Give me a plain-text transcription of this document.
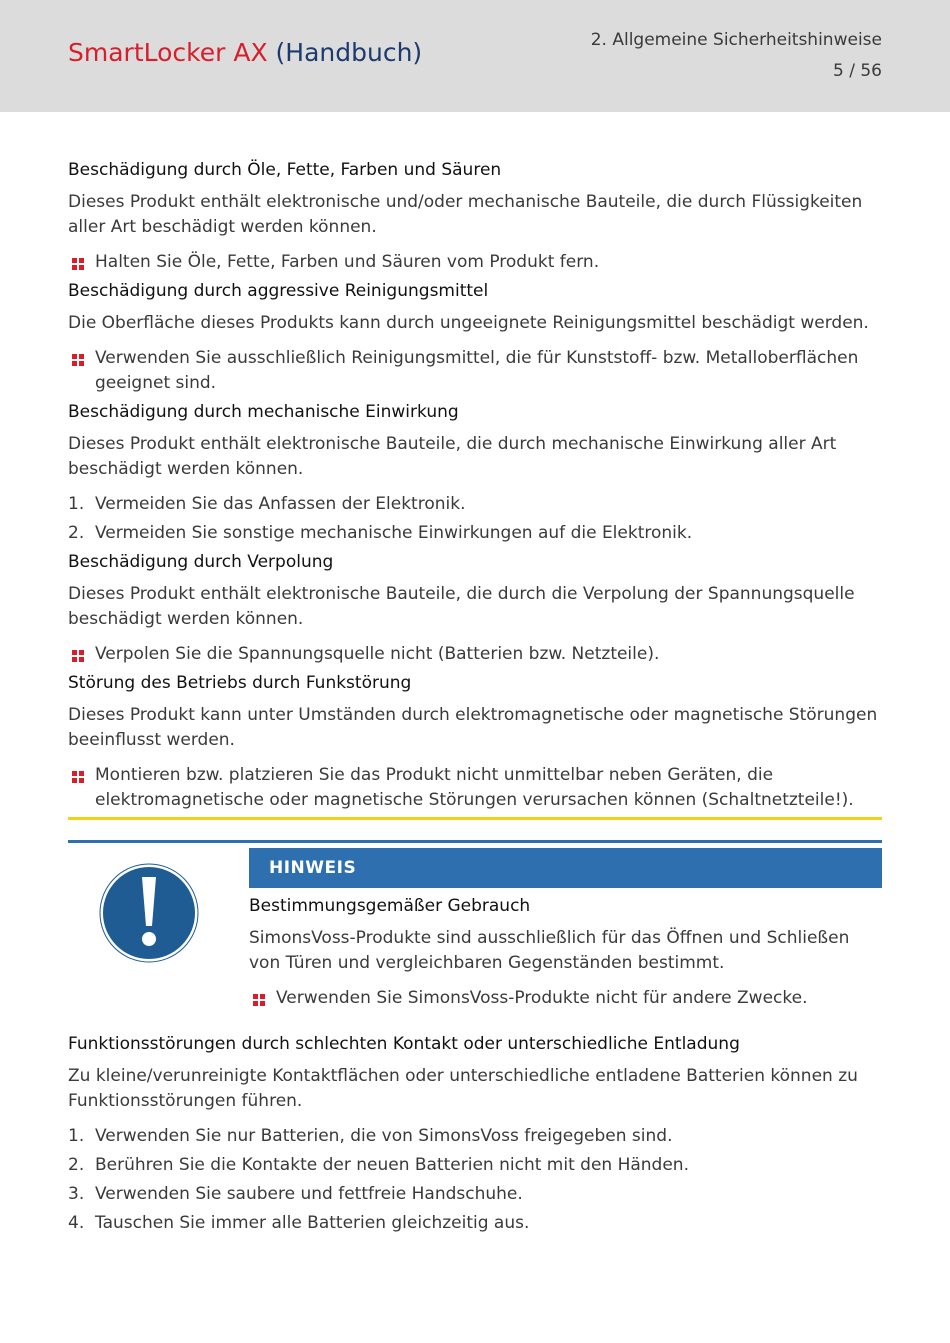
SmartLocker AX (Handbuch)	2. Allgemeine Sicherheitshinweise
5 / 56
Beschädigung durch Öle, Fette, Farben und Säuren

Dieses Produkt enthält elektronische und/oder mechanische Bauteile, die durch Flüssigkeiten aller Art beschädigt werden können.

Halten Sie Öle, Fette, Farben und Säuren vom Produkt fern.
Beschädigung durch aggressive Reinigungsmittel

Die Oberfläche dieses Produkts kann durch ungeeignete Reinigungsmittel beschädigt werden.

Verwenden Sie ausschließlich Reinigungsmittel, die für Kunststoff- bzw. Metalloberflächen geeignet sind.
Beschädigung durch mechanische Einwirkung

Dieses Produkt enthält elektronische Bauteile, die durch mechanische Einwirkung aller Art beschädigt werden können.

1. Vermeiden Sie das Anfassen der Elektronik.
2. Vermeiden Sie sonstige mechanische Einwirkungen auf die Elektronik.
Beschädigung durch Verpolung

Dieses Produkt enthält elektronische Bauteile, die durch die Verpolung der Spannungsquelle beschädigt werden können.

Verpolen Sie die Spannungsquelle nicht (Batterien bzw. Netzteile).
Störung des Betriebs durch Funkstörung

Dieses Produkt kann unter Umständen durch elektromagnetische oder magnetische Störungen beeinflusst werden.

Montieren bzw. platzieren Sie das Produkt nicht unmittelbar neben Geräten, die elektromagnetische oder magnetische Störungen verursachen können (Schaltnetzteile!).
HINWEIS
Bestimmungsgemäßer Gebrauch

SimonsVoss-Produkte sind ausschließlich für das Öffnen und Schließen von Türen und vergleichbaren Gegenständen bestimmt.

Verwenden Sie SimonsVoss-Produkte nicht für andere Zwecke.
Funktionsstörungen durch schlechten Kontakt oder unterschiedliche Entladung

Zu kleine/verunreinigte Kontaktflächen oder unterschiedliche entladene Batterien können zu Funktionsstörungen führen.

1. Verwenden Sie nur Batterien, die von SimonsVoss freigegeben sind.
2. Berühren Sie die Kontakte der neuen Batterien nicht mit den Händen.
3. Verwenden Sie saubere und fettfreie Handschuhe.
4. Tauschen Sie immer alle Batterien gleichzeitig aus.
